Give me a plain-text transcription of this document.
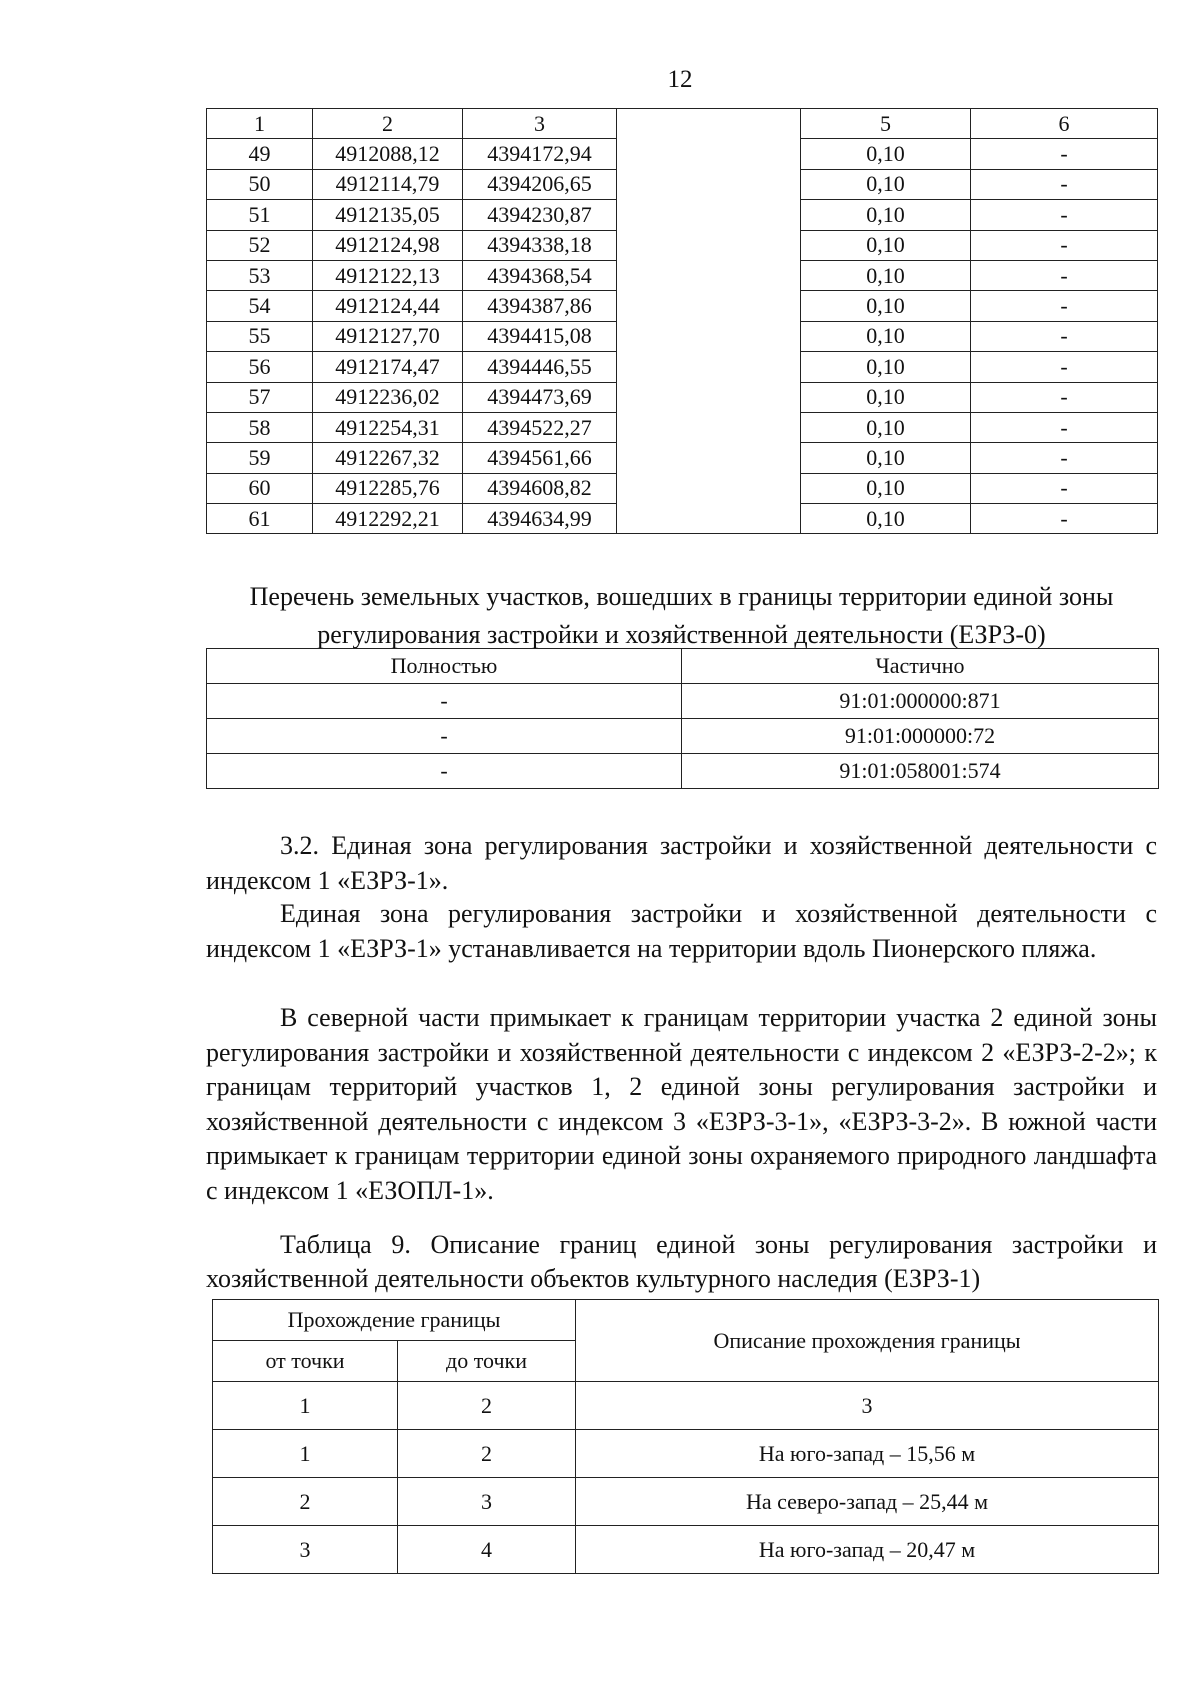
12
1	2	3		5	6
49	4912088,12	4394172,94		0,10	-
50	4912114,79	4394206,65		0,10	-
51	4912135,05	4394230,87		0,10	-
52	4912124,98	4394338,18		0,10	-
53	4912122,13	4394368,54		0,10	-
54	4912124,44	4394387,86		0,10	-
55	4912127,70	4394415,08		0,10	-
56	4912174,47	4394446,55		0,10	-
57	4912236,02	4394473,69		0,10	-
58	4912254,31	4394522,27		0,10	-
59	4912267,32	4394561,66		0,10	-
60	4912285,76	4394608,82		0,10	-
61	4912292,21	4394634,99		0,10	-
Перечень земельных участков, вошедших в границы территории единой зоны
регулирования застройки и хозяйственной деятельности (ЕЗРЗ-0)
Полностью	Частично
-	91:01:000000:871
-	91:01:000000:72
-	91:01:058001:574

3.2. Единая зона регулирования застройки и хозяйственной деятельности с индексом 1 «ЕЗРЗ-1».

Единая зона регулирования застройки и хозяйственной деятельности с индексом 1 «ЕЗРЗ-1» устанавливается на территории вдоль Пионерского пляжа.

В северной части примыкает к границам территории участка 2 единой зоны регулирования застройки и хозяйственной деятельности с индексом 2 «ЕЗРЗ-2-2»; к границам территорий участков 1, 2 единой зоны регулирования застройки и хозяйственной деятельности с индексом 3 «ЕЗРЗ-3-1», «ЕЗРЗ-3-2». В южной части примыкает к границам территории единой зоны охраняемого природного ландшафта с индексом 1 «ЕЗОПЛ-1».

Таблица 9. Описание границ единой зоны регулирования застройки и хозяйственной деятельности объектов культурного наследия (ЕЗРЗ-1)

Прохождение границы		Описание прохождения границы
от точки	до точки	
1	2	3
1	2	На юго-запад – 15,56 м
2	3	На северо-запад – 25,44 м
3	4	На юго-запад – 20,47 м
